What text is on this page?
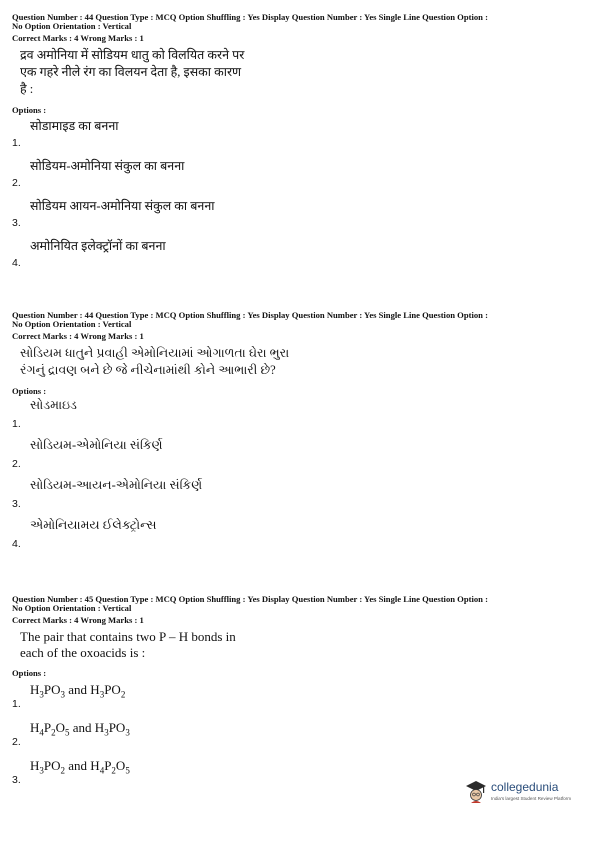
Question Number : 44 Question Type : MCQ Option Shuffling : Yes Display Question Number : Yes Single Line Question Option :

No Option Orientation : Vertical

Correct Marks : 4 Wrong Marks : 1

द्रव अमोनिया में सोडियम धातु को विलयित करने पर
एक गहरे नीले रंग का विलयन देता है, इसका कारण
है :
Options :
1.
सोडामाइड का बनना
2.
सोडियम-अमोनिया संकुल का बनना
3.
सोडियम आयन-अमोनिया संकुल का बनना
4.
अमोनियित इलेक्ट्रॉनों का बनना

Question Number : 44 Question Type : MCQ Option Shuffling : Yes Display Question Number : Yes Single Line Question Option :

No Option Orientation : Vertical

Correct Marks : 4 Wrong Marks : 1

સોડિયમ ધાતુને પ્રવાહી એમોનિયામાં ઓગાળતા ઘેરા ભુરા
રંગનું દ્રાવણ બને છે જે નીચેનામાંથી કોને આભારી છે?
Options :
1.
સોડમાઇડ
2.
સોડિયમ-એમોનિયા સંકિર્ણ
3.
સોડિયમ-આયન-એમોનિયા સંકિર્ણ
4.
એમોનિયામય ઈલેક્ટ્રોન્સ

Question Number : 45 Question Type : MCQ Option Shuffling : Yes Display Question Number : Yes Single Line Question Option :

No Option Orientation : Vertical

Correct Marks : 4 Wrong Marks : 1

The pair that contains two P – H bonds in
each of the oxoacids is :
Options :
1.
$H_3PO_3$ and $H_3PO_2$
2.
$H_4P_2O_5$ and $H_3PO_3$
3.
$H_3PO_2$ and $H_4P_2O_5$
collegedunia
India's largest Student Review Platform
